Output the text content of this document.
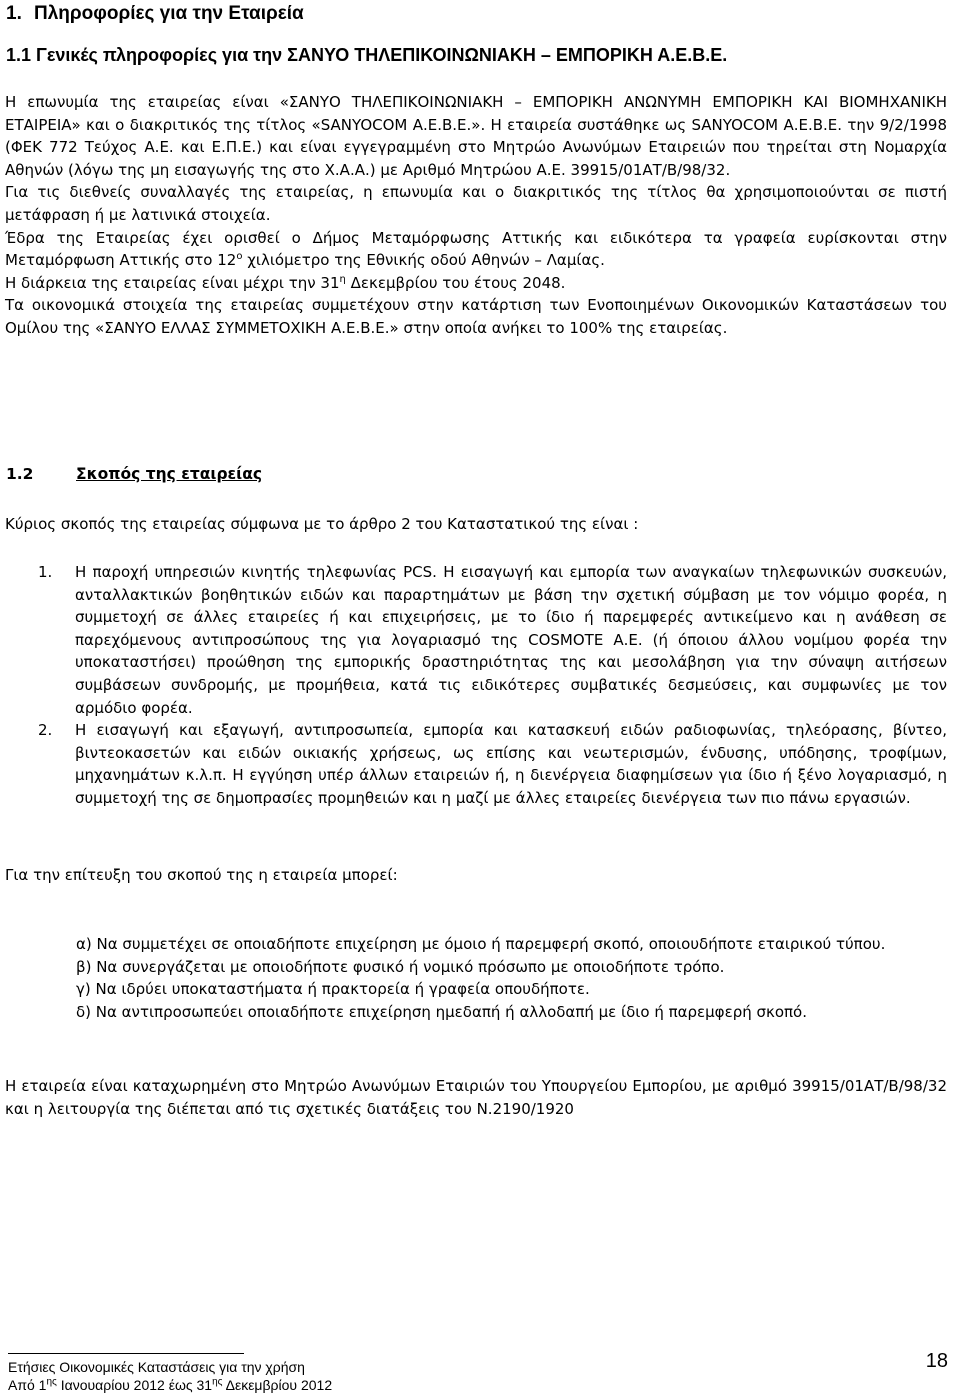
1. Πληροφορίες για την Εταιρεία
1.1 Γενικές πληροφορίες για την ΣΑΝΥΟ ΤΗΛΕΠΙΚΟΙΝΩΝΙΑΚΗ – ΕΜΠΟΡΙΚΗ Α.Ε.Β.Ε.

Η επωνυμία της εταιρείας είναι «ΣΑΝΥΟ ΤΗΛΕΠΙΚΟΙΝΩΝΙΑΚΗ – ΕΜΠΟΡΙΚΗ ΑΝΩΝΥΜΗ ΕΜΠΟΡΙΚΗ ΚΑΙ ΒΙΟΜΗΧΑΝΙΚΗ ΕΤΑΙΡΕΙΑ» και ο διακριτικός της τίτλος «SANYOCOM Α.Ε.Β.Ε.». Η εταιρεία συστάθηκε ως SANYOCOM Α.Ε.Β.Ε. την 9/2/1998 (ΦΕΚ 772 Τεύχος Α.Ε. και Ε.Π.Ε.) και είναι εγγεγραμμένη στο Μητρώο Ανωνύμων Εταιρειών που τηρείται στη Νομαρχία Αθηνών (λόγω της μη εισαγωγής της στο Χ.Α.Α.) με Αριθμό Μητρώου Α.Ε. 39915/01ΑΤ/Β/98/32.

Για τις διεθνείς συναλλαγές της εταιρείας, η επωνυμία και ο διακριτικός της τίτλος θα χρησιμοποιούνται σε πιστή μετάφραση ή με λατινικά στοιχεία.

Έδρα της Εταιρείας έχει ορισθεί ο Δήμος Μεταμόρφωσης Αττικής και ειδικότερα τα γραφεία ευρίσκονται στην Μεταμόρφωση Αττικής στο $12^o$ χιλιόμετρο της Εθνικής οδού Αθηνών – Λαμίας.

Η διάρκεια της εταιρείας είναι μέχρι την $31^\eta$ Δεκεμβρίου του έτους 2048.

Τα οικονομικά στοιχεία της εταιρείας συμμετέχουν στην κατάρτιση των Ενοποιημένων Οικονομικών Καταστάσεων του Ομίλου της «ΣΑΝΥΟ ΕΛΛΑΣ ΣΥΜΜΕΤΟΧΙΚΗ Α.Ε.Β.Ε.» στην οποία ανήκει το 100% της εταιρείας.

1.2	Σκοπός της εταιρείας
Κύριος σκοπός της εταιρείας σύμφωνα με το άρθρο 2 του Καταστατικού της είναι :
1.	Η παροχή υπηρεσιών κινητής τηλεφωνίας PCS. Η εισαγωγή και εμπορία των αναγκαίων τηλεφωνικών συσκευών, ανταλλακτικών βοηθητικών ειδών και παραρτημάτων με βάση την σχετική σύμβαση με τον νόμιμο φορέα, η συμμετοχή σε άλλες εταιρείες ή και επιχειρήσεις, με το ίδιο ή παρεμφερές αντικείμενο και η ανάθεση σε παρεχόμενους αντιπροσώπους της για λογαριασμό της COSMOTE Α.Ε. (ή όποιου άλλου νομίμου φορέα την υποκαταστήσει) προώθηση της εμπορικής δραστηριότητας της και μεσολάβηση για την σύναψη αιτήσεων συμβάσεων συνδρομής, με προμήθεια, κατά τις ειδικότερες συμβατικές δεσμεύσεις, και συμφωνίες με τον αρμόδιο φορέα.
2.	Η εισαγωγή και εξαγωγή, αντιπροσωπεία, εμπορία και κατασκευή ειδών ραδιοφωνίας, τηλεόρασης, βίντεο, βιντεοκασετών και ειδών οικιακής χρήσεως, ως επίσης και νεωτερισμών, ένδυσης, υπόδησης, τροφίμων, μηχανημάτων κ.λ.π. Η εγγύηση υπέρ άλλων εταιρειών ή, η διενέργεια διαφημίσεων για ίδιο ή ξένο λογαριασμό, η συμμετοχή της σε δημοπρασίες προμηθειών και η μαζί με άλλες εταιρείες διενέργεια των πιο πάνω εργασιών.
Για την επίτευξη του σκοπού της η εταιρεία μπορεί:

α) Να συμμετέχει σε οποιαδήποτε επιχείρηση με όμοιο ή παρεμφερή σκοπό, οποιουδήποτε εταιρικού τύπου.

β) Να συνεργάζεται με οποιοδήποτε φυσικό ή νομικό πρόσωπο με οποιοδήποτε τρόπο.

γ) Να ιδρύει υποκαταστήματα ή πρακτορεία ή γραφεία οπουδήποτε.

δ) Να αντιπροσωπεύει οποιαδήποτε επιχείρηση ημεδαπή ή αλλοδαπή με ίδιο ή παρεμφερή σκοπό.

Η εταιρεία είναι καταχωρημένη στο Μητρώο Ανωνύμων Εταιριών του Υπουργείου Εμπορίου, με αριθμό 39915/01ΑΤ/Β/98/32 και η λειτουργία της διέπεται από τις σχετικές διατάξεις του Ν.2190/1920
Ετήσιες Οικονομικές Καταστάσεις για την χρήση
Από $1^{\eta\varsigma}$ Ιανουαρίου 2012 έως $31^{\eta\varsigma}$ Δεκεμβρίου 2012
18
